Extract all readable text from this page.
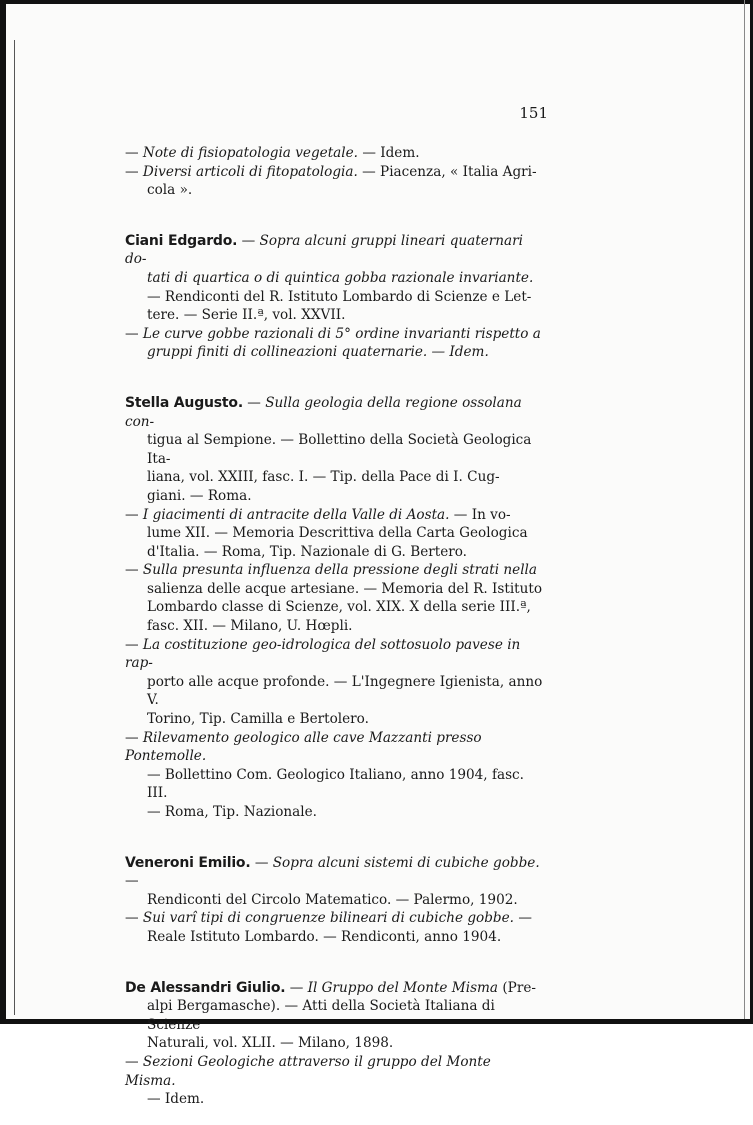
151
— Note di fisiopatologia vegetale. — Idem.
— Diversi articoli di fitopatologia. — Piacenza, « Italia Agri-
cola ».
Ciani Edgardo. — Sopra alcuni gruppi lineari quaternari do-
tati di quartica o di quintica gobba razionale invariante.
— Rendiconti del R. Istituto Lombardo di Scienze e Let-
tere. — Serie II.ª, vol. XXVII.
— Le curve gobbe razionali di 5° ordine invarianti rispetto a
gruppi finiti di collineazioni quaternarie. — Idem.
Stella Augusto. — Sulla geologia della regione ossolana con-
tigua al Sempione. — Bollettino della Società Geologica Ita-
liana, vol. XXIII, fasc. I. — Tip. della Pace di I. Cug-
giani. — Roma.
— I giacimenti di antracite della Valle di Aosta. — In vo-
lume XII. — Memoria Descrittiva della Carta Geologica
d'Italia. — Roma, Tip. Nazionale di G. Bertero.
— Sulla presunta influenza della pressione degli strati nella
salienza delle acque artesiane. — Memoria del R. Istituto
Lombardo classe di Scienze, vol. XIX. X della serie III.ª,
fasc. XII. — Milano, U. Hœpli.
— La costituzione geo-idrologica del sottosuolo pavese in rap-
porto alle acque profonde. — L'Ingegnere Igienista, anno V.
Torino, Tip. Camilla e Bertolero.
— Rilevamento geologico alle cave Mazzanti presso Pontemolle.
— Bollettino Com. Geologico Italiano, anno 1904, fasc. III.
— Roma, Tip. Nazionale.
Veneroni Emilio. — Sopra alcuni sistemi di cubiche gobbe. —
Rendiconti del Circolo Matematico. — Palermo, 1902.
— Sui varî tipi di congruenze bilineari di cubiche gobbe. —
Reale Istituto Lombardo. — Rendiconti, anno 1904.
De Alessandri Giulio. — Il Gruppo del Monte Misma (Pre-
alpi Bergamasche). — Atti della Società Italiana di Scienze
Naturali, vol. XLII. — Milano, 1898.
— Sezioni Geologiche attraverso il gruppo del Monte Misma.
— Idem.
